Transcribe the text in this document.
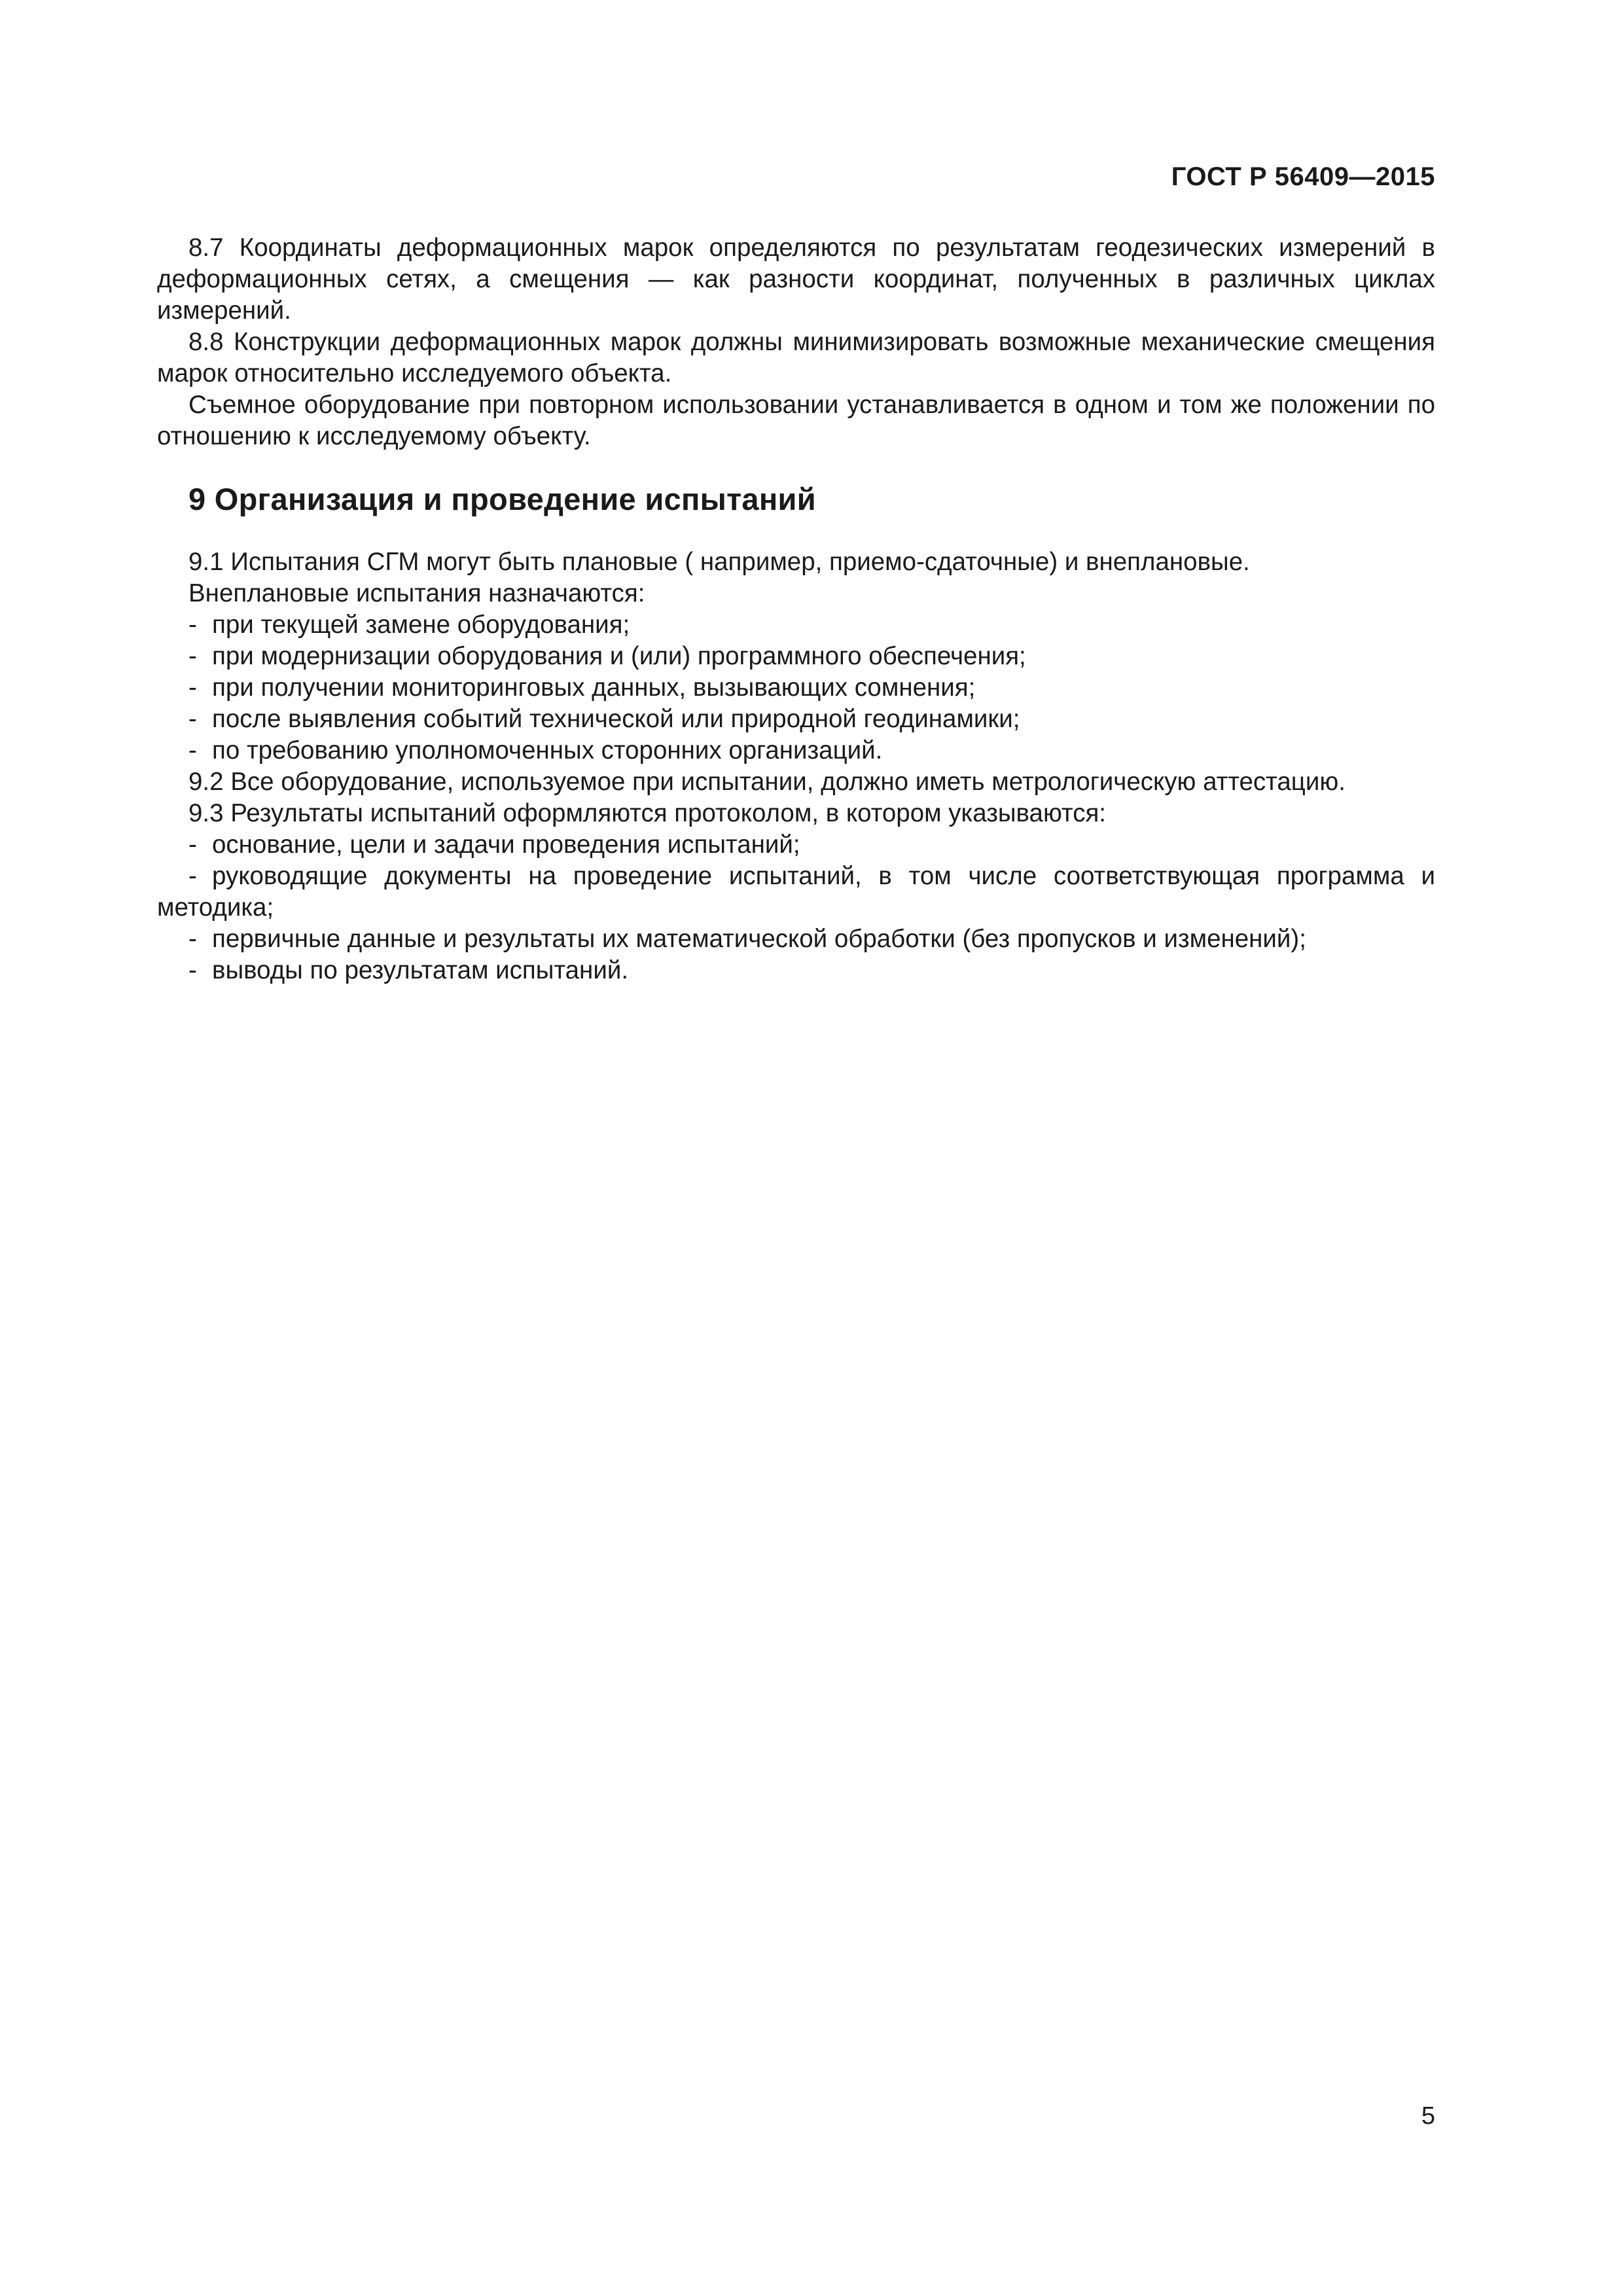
ГОСТ Р 56409—2015

8.7 Координаты деформационных марок определяются по результатам геодезических измерений в деформационных сетях, а смещения — как разности координат, полученных в различных циклах измерений.

8.8 Конструкции деформационных марок должны минимизировать возможные механические смещения марок относительно исследуемого объекта.

Съемное оборудование при повторном использовании устанавливается в одном и том же положении по отношению к исследуемому объекту.

9 Организация и проведение испытаний

9.1 Испытания СГМ могут быть плановые ( например, приемо-сдаточные) и внеплановые.

Внеплановые испытания назначаются:

- при текущей замене оборудования;

- при модернизации оборудования и (или) программного обеспечения;

- при получении мониторинговых данных, вызывающих сомнения;

- после выявления событий технической или природной геодинамики;

- по требованию уполномоченных сторонних организаций.

9.2 Все оборудование, используемое при испытании, должно иметь метрологическую аттестацию.

9.3 Результаты испытаний оформляются протоколом, в котором указываются:

- основание, цели и задачи проведения испытаний;

- руководящие документы на проведение испытаний, в том числе соответствующая программа и методика;

- первичные данные и результаты их математической обработки (без пропусков и изменений);

- выводы по результатам испытаний.

5
